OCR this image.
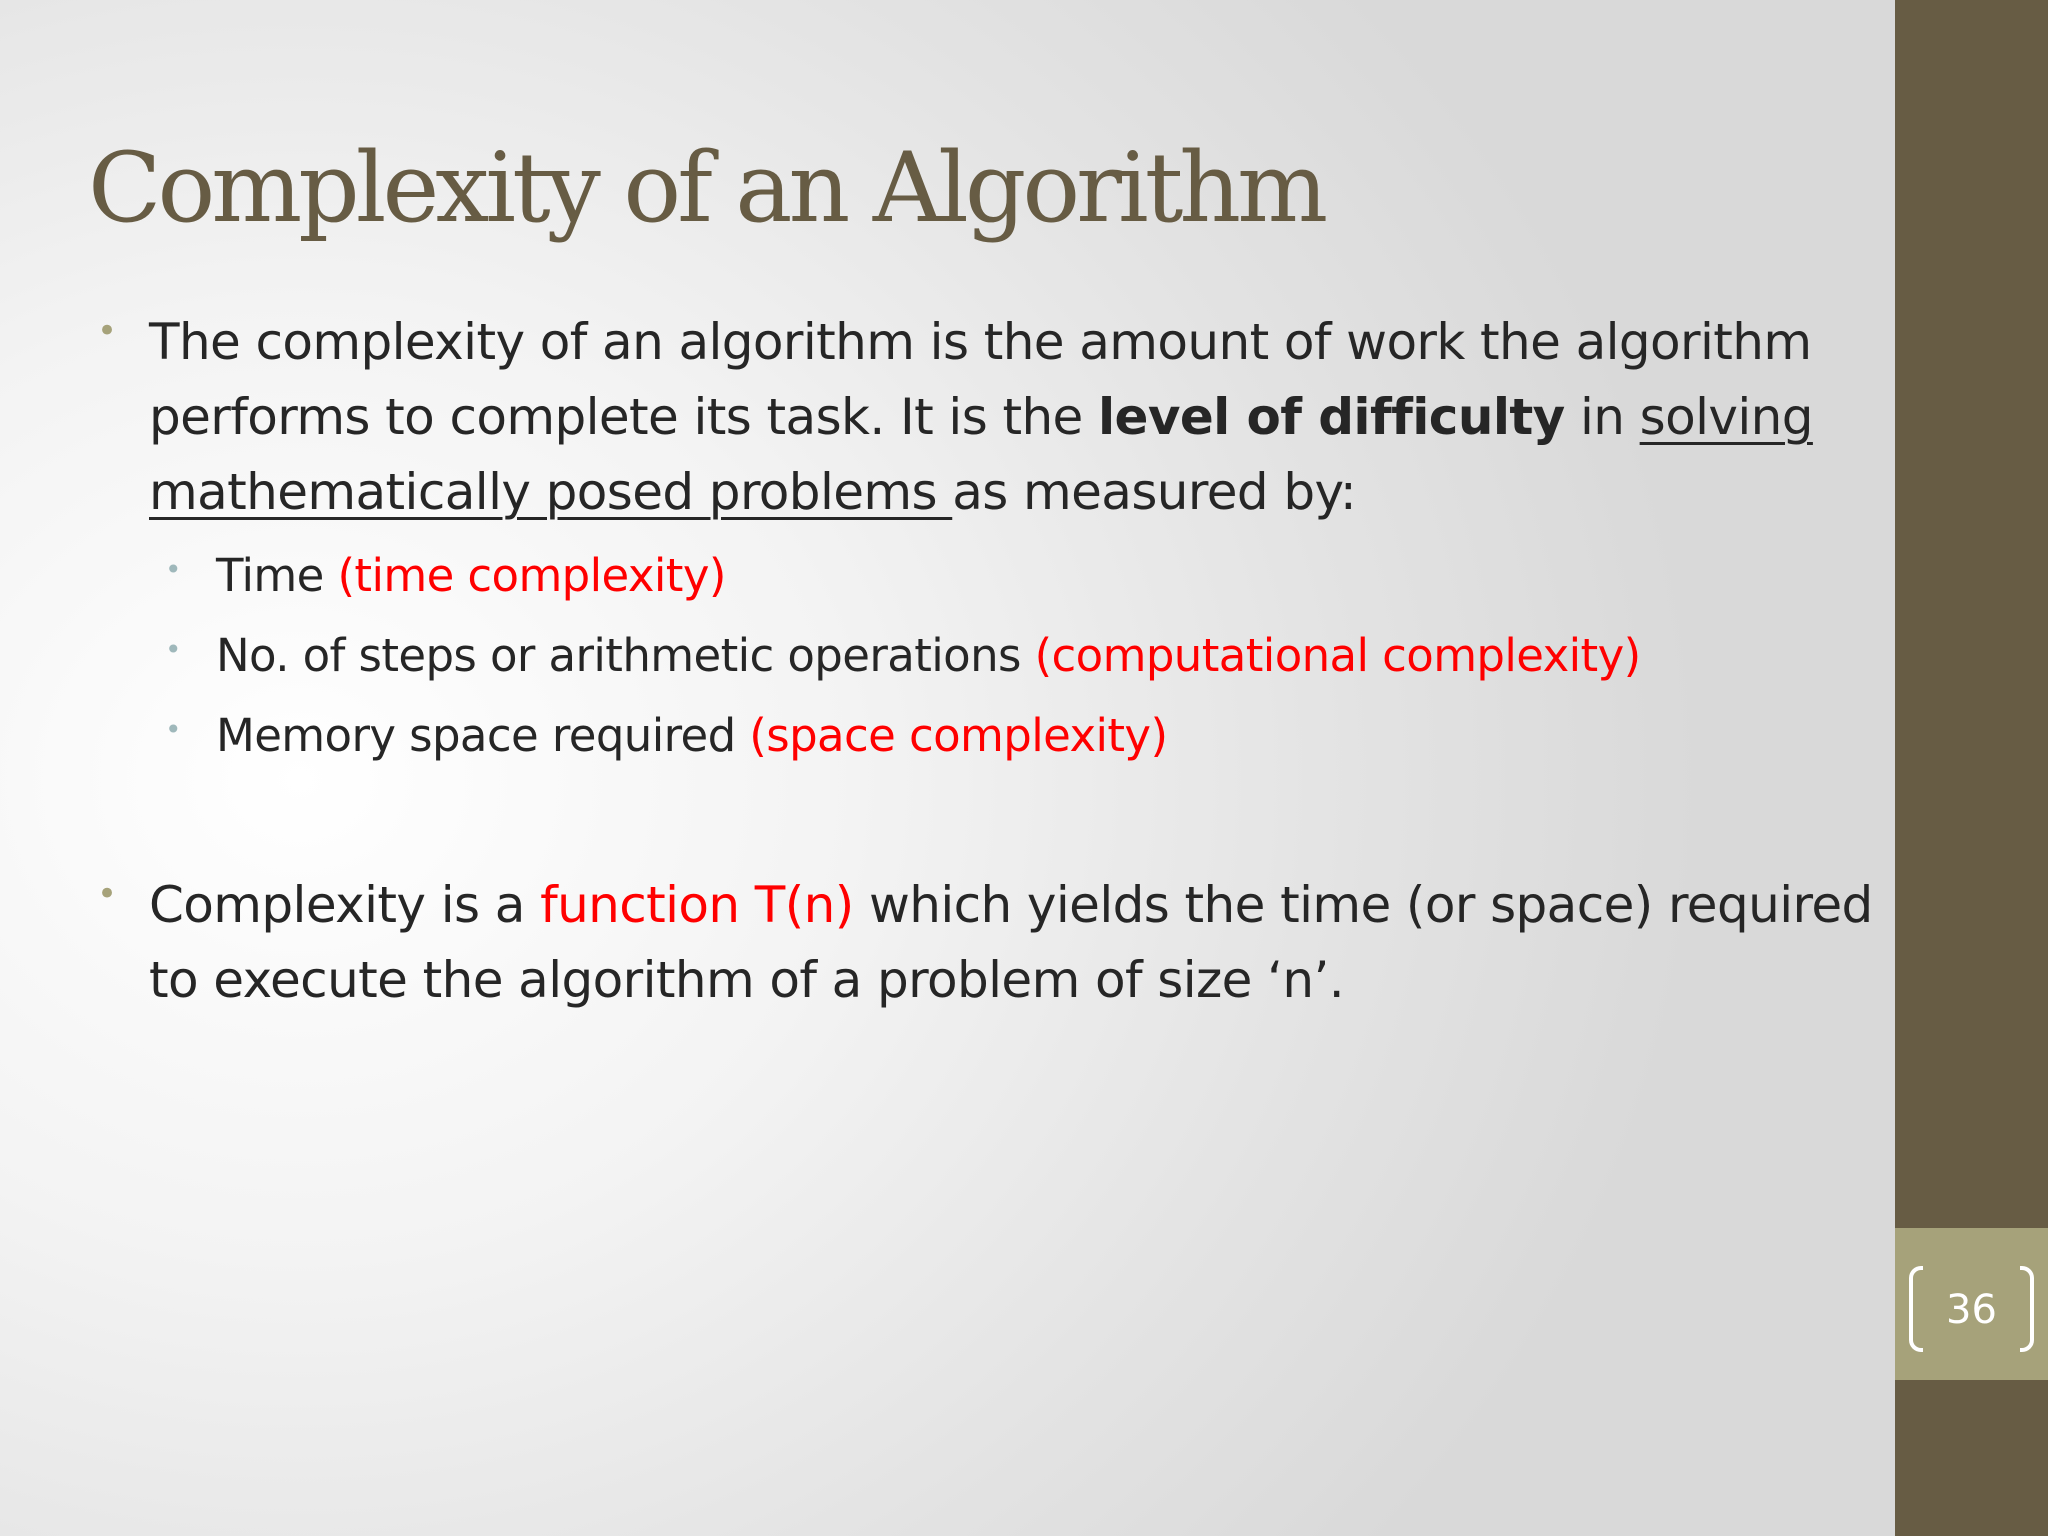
36
Complexity of an Algorithm
• The complexity of an algorithm is the amount of work the algorithm performs to complete its task. It is the level of difficulty in solving mathematically posed problems as measured by:

• Time (time complexity)

• No. of steps or arithmetic operations (computational complexity)

• Memory space required (space complexity)

• Complexity is a function T(n) which yields the time (or space) required to execute the algorithm of a problem of size ‘n’.
